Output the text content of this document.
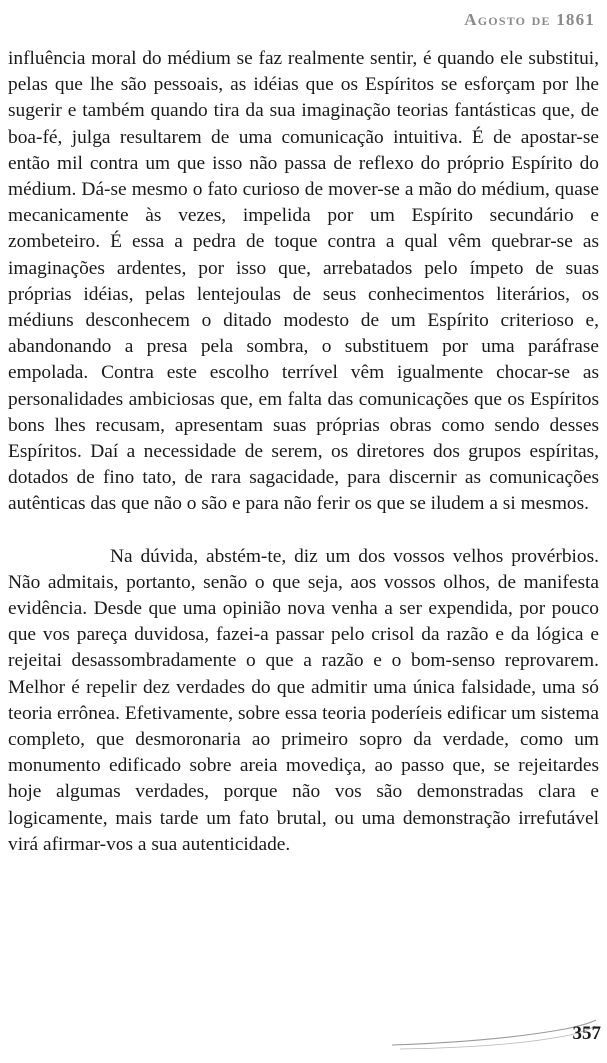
Agosto de 1861

influência moral do médium se faz realmente sentir, é quando ele substitui, pelas que lhe são pessoais, as idéias que os Espíritos se esforçam por lhe sugerir e também quando tira da sua imaginação teorias fantásticas que, de boa-fé, julga resultarem de uma comunicação intuitiva. É de apostar-se então mil contra um que isso não passa de reflexo do próprio Espírito do médium. Dá-se mesmo o fato curioso de mover-se a mão do médium, quase mecanicamente às vezes, impelida por um Espírito secundário e zombeteiro. É essa a pedra de toque contra a qual vêm quebrar-se as imaginações ardentes, por isso que, arrebatados pelo ímpeto de suas próprias idéias, pelas lentejoulas de seus conhecimentos literários, os médiuns desconhecem o ditado modesto de um Espírito criterioso e, abandonando a presa pela sombra, o substituem por uma paráfrase empolada. Contra este escolho terrível vêm igualmente chocar-se as personalidades ambiciosas que, em falta das comunicações que os Espíritos bons lhes recusam, apresentam suas próprias obras como sendo desses Espíritos. Daí a necessidade de serem, os diretores dos grupos espíritas, dotados de fino tato, de rara sagacidade, para discernir as comunicações autênticas das que não o são e para não ferir os que se iludem a si mesmos.

Na dúvida, abstém-te, diz um dos vossos velhos provérbios. Não admitais, portanto, senão o que seja, aos vossos olhos, de manifesta evidência. Desde que uma opinião nova venha a ser expendida, por pouco que vos pareça duvidosa, fazei-a passar pelo crisol da razão e da lógica e rejeitai desassombradamente o que a razão e o bom-senso reprovarem. Melhor é repelir dez verdades do que admitir uma única falsidade, uma só teoria errônea. Efetivamente, sobre essa teoria poderíeis edificar um sistema completo, que desmoronaria ao primeiro sopro da verdade, como um monumento edificado sobre areia movediça, ao passo que, se rejeitardes hoje algumas verdades, porque não vos são demonstradas clara e logicamente, mais tarde um fato brutal, ou uma demonstração irrefutável virá afirmar-vos a sua autenticidade.

357
